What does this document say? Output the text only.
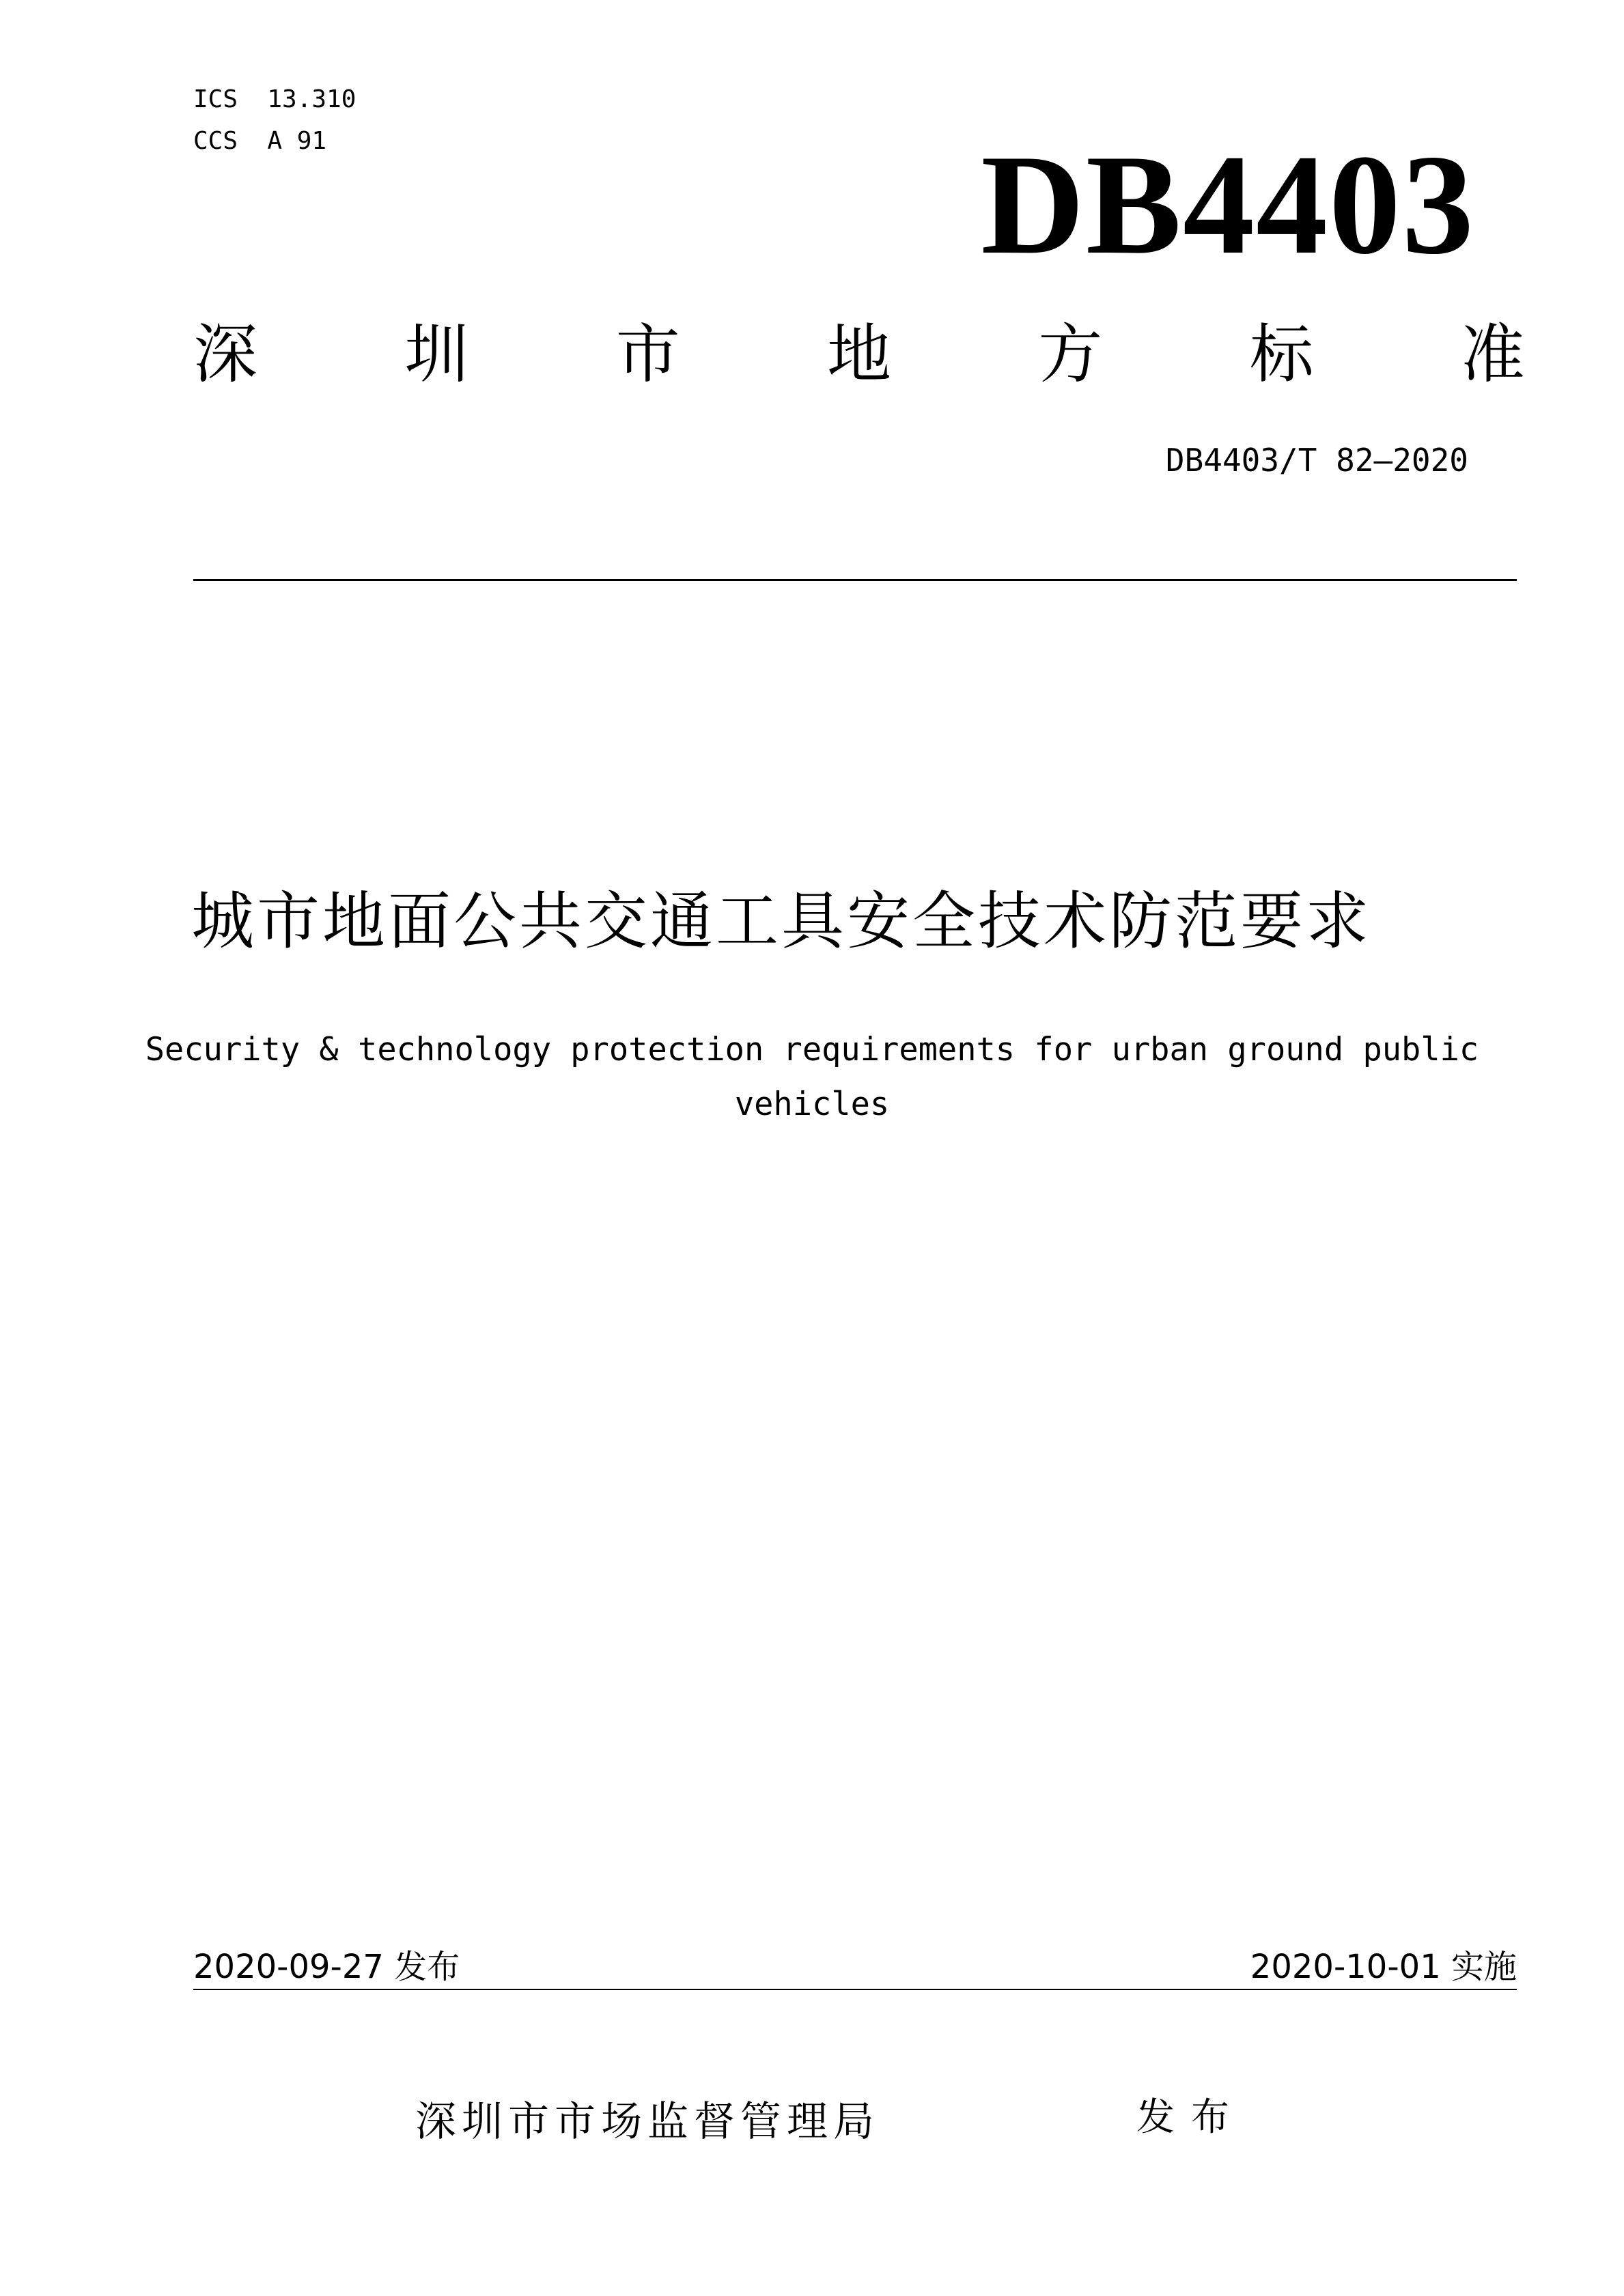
ICS  13.310
CCS  A 91	DB4403
深 圳 市 地 方 标 准
DB4403/T 82—2020
城市地面公共交通工具安全技术防范要求
Security & technology protection requirements for urban ground public vehicles
2020-09-27 发布	2020-10-01 实施
深圳市市场监督管理局	发布
